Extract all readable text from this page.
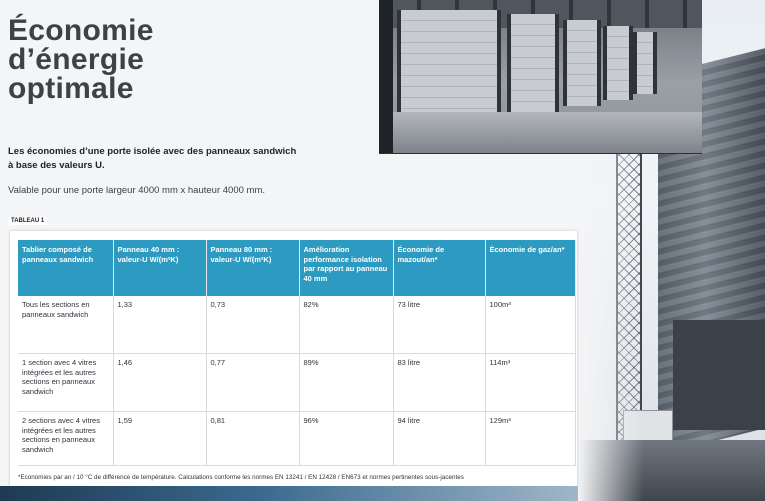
Économie
d’énergie
optimale

Les économies d’une porte isolée avec des panneaux sandwich à base des valeurs U.

Valable pour une porte largeur 4000 mm x hauteur 4000 mm.

TABLEAU 1
Tablier composé de panneaux sandwich	Panneau 40 mm : valeur-U W/(m²K)	Panneau 80 mm : valeur-U W/(m²K)	Amélioration performance isolation par rapport au panneau 40 mm	Économie de mazout/an*	Économie de gaz/an*
Tous les sections en panneaux sandwich	1,33	0,73	82%	73 litre	100m³
1 section avec 4 vitres intégrées et les autres sections en panneaux sandwich	1,46	0,77	89%	83 litre	114m³
2 sections avec 4 vitres intégrées et les autres sections en panneaux sandwich	1,59	0,81	96%	94 litre	129m³

*Économies par an / 10 °C de différence de température. Calculations conforme les normes EN 13241 / EN 12428 / EN673 et normes pertinentes sous-jacentes
